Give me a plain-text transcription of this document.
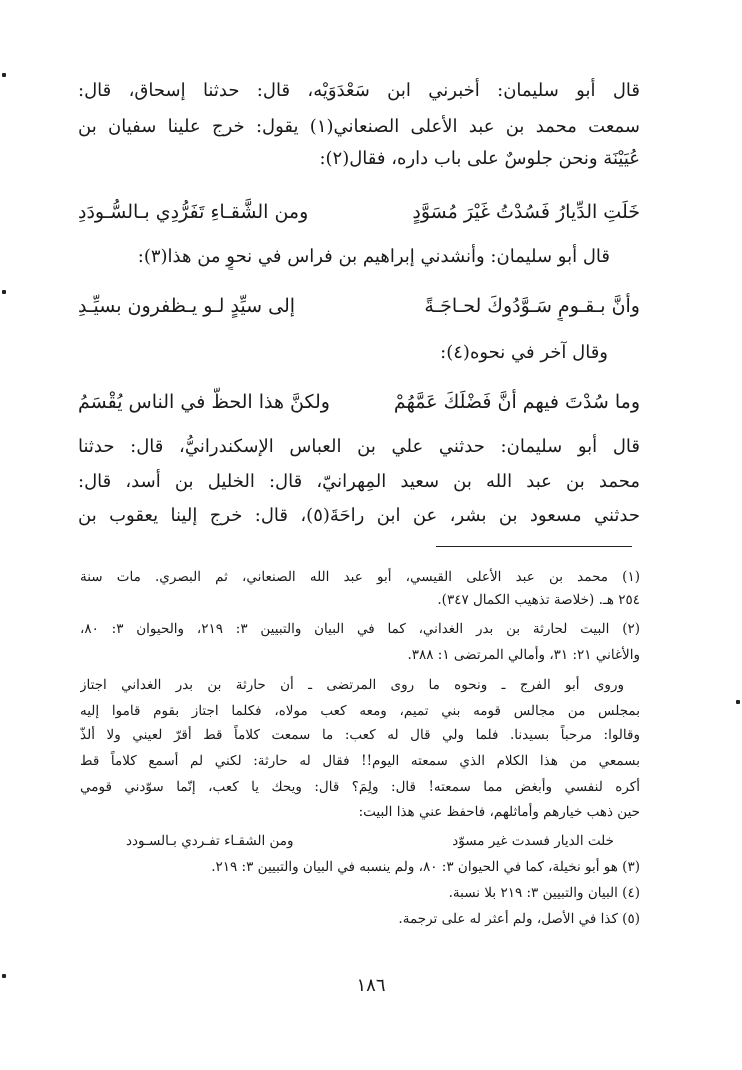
قال أبو سليمان: أخبرني ابن سَعْدَوَيْه، قال: حدثنا إسحاق، قال:

سمعت محمد بن عبد الأعلى الصنعاني(١) يقول: خرج علينا سفيان بن

عُيَيْنَة ونحن جلوسٌ على باب داره، فقال(٢):

خَلَتِ الدِّيارُ فَسُدْتُ غَيْرَ مُسَوَّدٍ
ومن الشَّقـاءِ تَفَرُّدِي بـالسُّـودَدِ

قال أبو سليمان: وأنشدني إبراهيم بن فراس في نحوٍ من هذا(٣):

وأنَّ بـقـومٍ سَـوَّدُوكَ لحـاجَـةً
إلى سيِّدٍ لـو يـظفرون بسيِّـدِ

وقال آخر في نحوه(٤):

وما سُدْتَ فيهم أنَّ فَضْلَكَ عَمَّهُمْ
ولكنَّ هذا الحظَّ في الناس يُقْسَمُ

قال أبو سليمان: حدثني علي بن العباس الإسكندرانيُّ، قال: حدثنا

محمد بن عبد الله بن سعيد المِهرانيّ، قال: الخليل بن أسد، قال:

حدثني مسعود بن بشر، عن ابن راحَةَ(٥)، قال: خرج إلينا يعقوب بن

(١) محمد بن عبد الأعلى القيسي، أبو عبد الله الصنعاني، ثم البصري. مات سنة

٢٥٤ هـ. (خلاصة تذهيب الكمال ٣٤٧).

(٢) البيت لحارثة بن بدر الغداني، كما في البيان والتبيين ٣: ٢١٩، والحيوان ٣: ٨٠،

والأغاني ٢١: ٣١، وأمالي المرتضى ١: ٣٨٨.

وروى أبو الفرج ـ ونحوه ما روى المرتضى ـ أن حارثة بن بدر الغداني اجتاز

بمجلس من مجالس قومه بني تميم، ومعه كعب مولاه، فكلما اجتاز بقوم قاموا إليه

وقالوا: مرحباً بسيدنا. فلما ولي قال له كعب: ما سمعت كلاماً قط أقرّ لعيني ولا ألذّ

بسمعي من هذا الكلام الذي سمعته اليوم!! فقال له حارثة: لكني لم أسمع كلاماً قط

أكره لنفسي وأبغض مما سمعته! قال: ولِمَ؟ قال: ويحك يا كعب، إنّما سوّدني قومي

حين ذهب خيارهم وأماثلهم، فاحفظ عني هذا البيت:

خلت الديار فسدت غير مسوّد
ومن الشقـاء تفـردي بـالسـودد

(٣) هو أبو نخيلة، كما في الحيوان ٣: ٨٠، ولم ينسبه في البيان والتبيين ٣: ٢١٩.

(٤) البيان والتبيين ٣: ٢١٩ بلا نسبة.

(٥) كذا في الأصل، ولم أعثر له على ترجمة.

١٨٦
